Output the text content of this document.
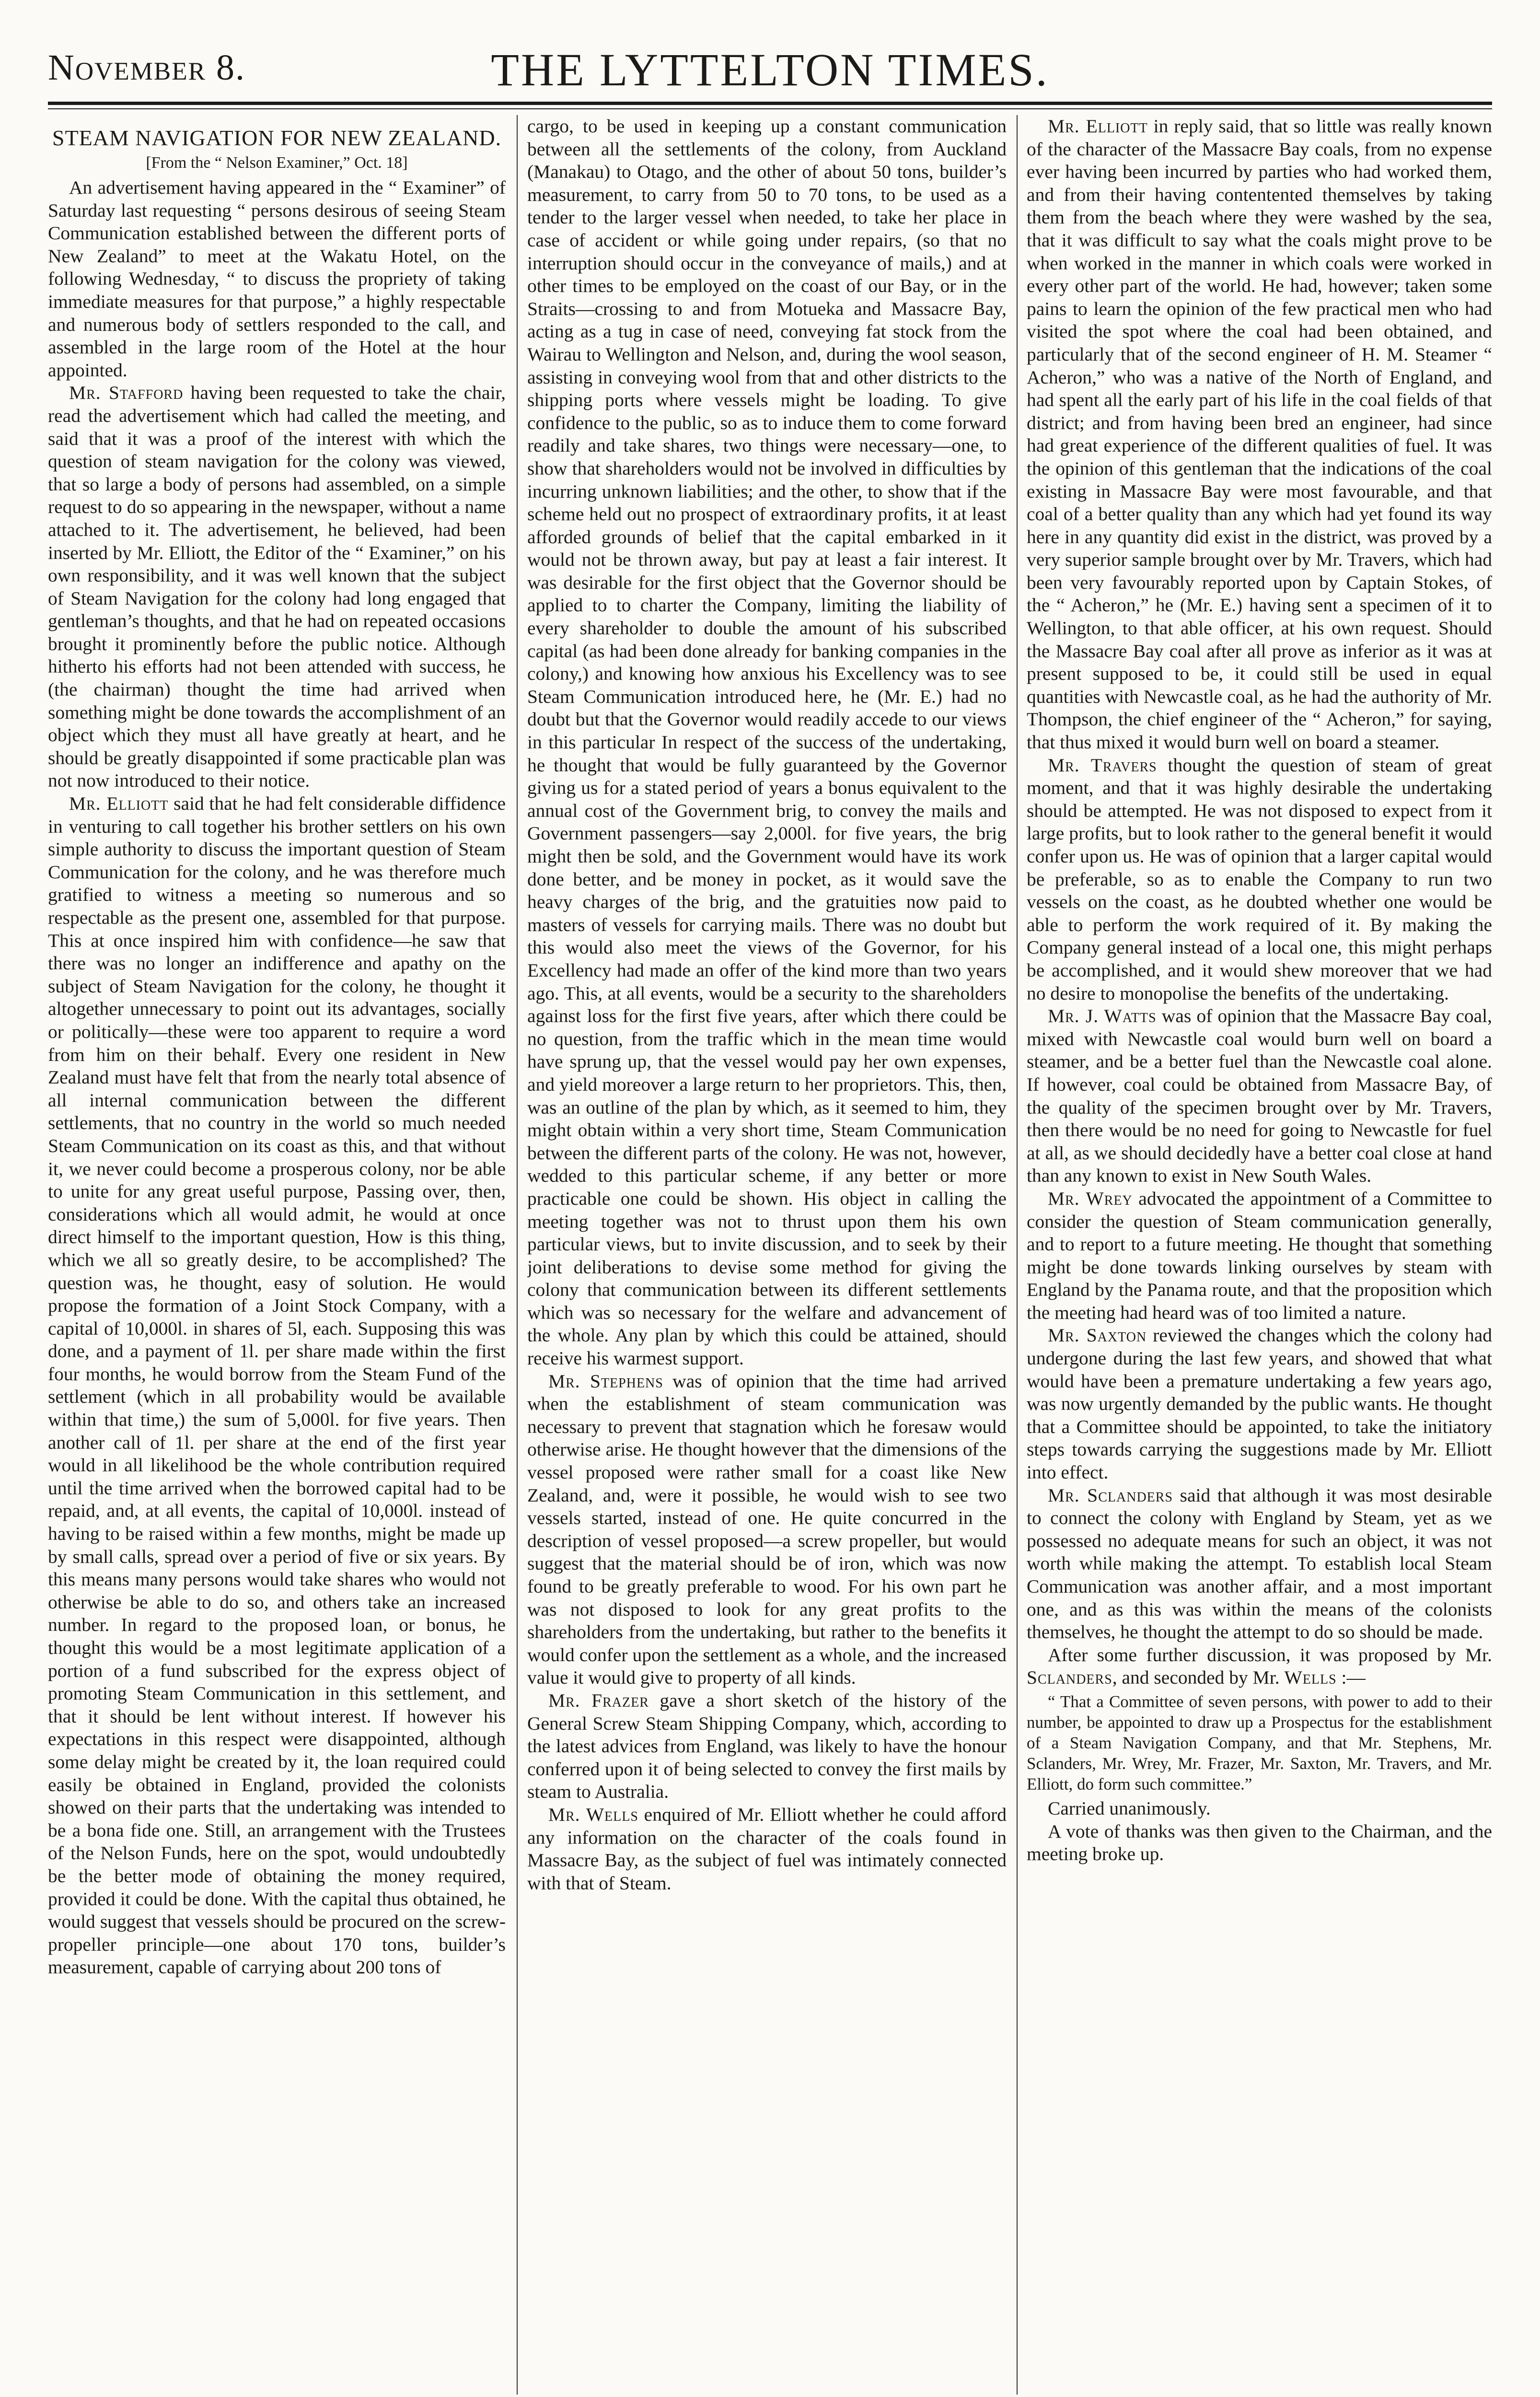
November 8.	THE LYTTELTON TIMES.
STEAM NAVIGATION FOR NEW ZEALAND.
[From the “ Nelson Examiner,” Oct. 18]

An advertisement having appeared in the “ Examiner” of Saturday last requesting “ persons desirous of seeing Steam Communication established between the different ports of New Zealand” to meet at the Wakatu Hotel, on the following Wednesday, “ to discuss the propriety of taking immediate measures for that purpose,” a highly respectable and numerous body of settlers responded to the call, and assembled in the large room of the Hotel at the hour appointed.

Mr. Stafford having been requested to take the chair, read the advertisement which had called the meeting, and said that it was a proof of the interest with which the question of steam navigation for the colony was viewed, that so large a body of persons had assembled, on a simple request to do so appearing in the newspaper, without a name attached to it. The advertisement, he believed, had been inserted by Mr. Elliott, the Editor of the “ Examiner,” on his own responsibility, and it was well known that the subject of Steam Navigation for the colony had long engaged that gentleman’s thoughts, and that he had on repeated occasions brought it prominently before the public notice. Although hitherto his efforts had not been attended with success, he (the chairman) thought the time had arrived when something might be done towards the accomplishment of an object which they must all have greatly at heart, and he should be greatly disappointed if some practicable plan was not now introduced to their notice.

Mr. Elliott said that he had felt considerable diffidence in venturing to call together his brother settlers on his own simple authority to discuss the important question of Steam Communication for the colony, and he was therefore much gratified to witness a meeting so numerous and so respectable as the present one, assembled for that purpose. This at once inspired him with confidence—he saw that there was no longer an indifference and apathy on the subject of Steam Navigation for the colony, he thought it altogether unnecessary to point out its advantages, socially or politically—these were too apparent to require a word from him on their behalf. Every one resident in New Zealand must have felt that from the nearly total absence of all internal communication between the different settlements, that no country in the world so much needed Steam Communication on its coast as this, and that without it, we never could become a prosperous colony, nor be able to unite for any great useful purpose, Passing over, then, considerations which all would admit, he would at once direct himself to the important question, How is this thing, which we all so greatly desire, to be accomplished? The question was, he thought, easy of solution. He would propose the formation of a Joint Stock Company, with a capital of 10,000l. in shares of 5l, each. Supposing this was done, and a payment of 1l. per share made within the first four months, he would borrow from the Steam Fund of the settlement (which in all probability would be available within that time,) the sum of 5,000l. for five years. Then another call of 1l. per share at the end of the first year would in all likelihood be the whole contribution required until the time arrived when the borrowed capital had to be repaid, and, at all events, the capital of 10,000l. instead of having to be raised within a few months, might be made up by small calls, spread over a period of five or six years. By this means many persons would take shares who would not otherwise be able to do so, and others take an increased number. In regard to the proposed loan, or bonus, he thought this would be a most legitimate application of a portion of a fund subscribed for the express object of promoting Steam Communication in this settlement, and that it should be lent without interest. If however his expectations in this respect were disappointed, although some delay might be created by it, the loan required could easily be obtained in England, provided the colonists showed on their parts that the undertaking was intended to be a bona fide one. Still, an arrangement with the Trustees of the Nelson Funds, here on the spot, would undoubtedly be the better mode of obtaining the money required, provided it could be done. With the capital thus obtained, he would suggest that vessels should be procured on the screw-propeller principle—one about 170 tons, builder’s measurement, capable of carrying about 200 tons of

cargo, to be used in keeping up a constant communication between all the settlements of the colony, from Auckland (Manakau) to Otago, and the other of about 50 tons, builder’s measurement, to carry from 50 to 70 tons, to be used as a tender to the larger vessel when needed, to take her place in case of accident or while going under repairs, (so that no interruption should occur in the conveyance of mails,) and at other times to be employed on the coast of our Bay, or in the Straits—crossing to and from Motueka and Massacre Bay, acting as a tug in case of need, conveying fat stock from the Wairau to Wellington and Nelson, and, during the wool season, assisting in conveying wool from that and other districts to the shipping ports where vessels might be loading. To give confidence to the public, so as to induce them to come forward readily and take shares, two things were necessary—one, to show that shareholders would not be involved in difficulties by incurring unknown liabilities; and the other, to show that if the scheme held out no prospect of extraordinary profits, it at least afforded grounds of belief that the capital embarked in it would not be thrown away, but pay at least a fair interest. It was desirable for the first object that the Governor should be applied to to charter the Company, limiting the liability of every shareholder to double the amount of his subscribed capital (as had been done already for banking companies in the colony,) and knowing how anxious his Excellency was to see Steam Communication introduced here, he (Mr. E.) had no doubt but that the Governor would readily accede to our views in this particular In respect of the success of the undertaking, he thought that would be fully guaranteed by the Governor giving us for a stated period of years a bonus equivalent to the annual cost of the Government brig, to convey the mails and Government passengers—say 2,000l. for five years, the brig might then be sold, and the Government would have its work done better, and be money in pocket, as it would save the heavy charges of the brig, and the gratuities now paid to masters of vessels for carrying mails. There was no doubt but this would also meet the views of the Governor, for his Excellency had made an offer of the kind more than two years ago. This, at all events, would be a security to the shareholders against loss for the first five years, after which there could be no question, from the traffic which in the mean time would have sprung up, that the vessel would pay her own expenses, and yield moreover a large return to her proprietors. This, then, was an outline of the plan by which, as it seemed to him, they might obtain within a very short time, Steam Communication between the different parts of the colony. He was not, however, wedded to this particular scheme, if any better or more practicable one could be shown. His object in calling the meeting together was not to thrust upon them his own particular views, but to invite discussion, and to seek by their joint deliberations to devise some method for giving the colony that communication between its different settlements which was so necessary for the welfare and advancement of the whole. Any plan by which this could be attained, should receive his warmest support.

Mr. Stephens was of opinion that the time had arrived when the establishment of steam communication was necessary to prevent that stagnation which he foresaw would otherwise arise. He thought however that the dimensions of the vessel proposed were rather small for a coast like New Zealand, and, were it possible, he would wish to see two vessels started, instead of one. He quite concurred in the description of vessel proposed—a screw propeller, but would suggest that the material should be of iron, which was now found to be greatly preferable to wood. For his own part he was not disposed to look for any great profits to the shareholders from the undertaking, but rather to the benefits it would confer upon the settlement as a whole, and the increased value it would give to property of all kinds.

Mr. Frazer gave a short sketch of the history of the General Screw Steam Shipping Company, which, according to the latest advices from England, was likely to have the honour conferred upon it of being selected to convey the first mails by steam to Australia.

Mr. Wells enquired of Mr. Elliott whether he could afford any information on the character of the coals found in Massacre Bay, as the subject of fuel was intimately connected with that of Steam.

Mr. Elliott in reply said, that so little was really known of the character of the Massacre Bay coals, from no expense ever having been incurred by parties who had worked them, and from their having contentented themselves by taking them from the beach where they were washed by the sea, that it was difficult to say what the coals might prove to be when worked in the manner in which coals were worked in every other part of the world. He had, however; taken some pains to learn the opinion of the few practical men who had visited the spot where the coal had been obtained, and particularly that of the second engineer of H. M. Steamer “ Acheron,” who was a native of the North of England, and had spent all the early part of his life in the coal fields of that district; and from having been bred an engineer, had since had great experience of the different qualities of fuel. It was the opinion of this gentleman that the indications of the coal existing in Massacre Bay were most favourable, and that coal of a better quality than any which had yet found its way here in any quantity did exist in the district, was proved by a very superior sample brought over by Mr. Travers, which had been very favourably reported upon by Captain Stokes, of the “ Acheron,” he (Mr. E.) having sent a specimen of it to Wellington, to that able officer, at his own request. Should the Massacre Bay coal after all prove as inferior as it was at present supposed to be, it could still be used in equal quantities with Newcastle coal, as he had the authority of Mr. Thompson, the chief engineer of the “ Acheron,” for saying, that thus mixed it would burn well on board a steamer.

Mr. Travers thought the question of steam of great moment, and that it was highly desirable the undertaking should be attempted. He was not disposed to expect from it large profits, but to look rather to the general benefit it would confer upon us. He was of opinion that a larger capital would be preferable, so as to enable the Company to run two vessels on the coast, as he doubted whether one would be able to perform the work required of it. By making the Company general instead of a local one, this might perhaps be accomplished, and it would shew moreover that we had no desire to monopolise the benefits of the undertaking.

Mr. J. Watts was of opinion that the Massacre Bay coal, mixed with Newcastle coal would burn well on board a steamer, and be a better fuel than the Newcastle coal alone. If however, coal could be obtained from Massacre Bay, of the quality of the specimen brought over by Mr. Travers, then there would be no need for going to Newcastle for fuel at all, as we should decidedly have a better coal close at hand than any known to exist in New South Wales.

Mr. Wrey advocated the appointment of a Committee to consider the question of Steam communication generally, and to report to a future meeting. He thought that something might be done towards linking ourselves by steam with England by the Panama route, and that the proposition which the meeting had heard was of too limited a nature.

Mr. Saxton reviewed the changes which the colony had undergone during the last few years, and showed that what would have been a premature undertaking a few years ago, was now urgently demanded by the public wants. He thought that a Committee should be appointed, to take the initiatory steps towards carrying the suggestions made by Mr. Elliott into effect.

Mr. Sclanders said that although it was most desirable to connect the colony with England by Steam, yet as we possessed no adequate means for such an object, it was not worth while making the attempt. To establish local Steam Communication was another affair, and a most important one, and as this was within the means of the colonists themselves, he thought the attempt to do so should be made.

After some further discussion, it was proposed by Mr. Sclanders, and seconded by Mr. Wells :—

“ That a Committee of seven persons, with power to add to their number, be appointed to draw up a Prospectus for the establishment of a Steam Navigation Company, and that Mr. Stephens, Mr. Sclanders, Mr. Wrey, Mr. Frazer, Mr. Saxton, Mr. Travers, and Mr. Elliott, do form such committee.”

Carried unanimously.

A vote of thanks was then given to the Chairman, and the meeting broke up.
